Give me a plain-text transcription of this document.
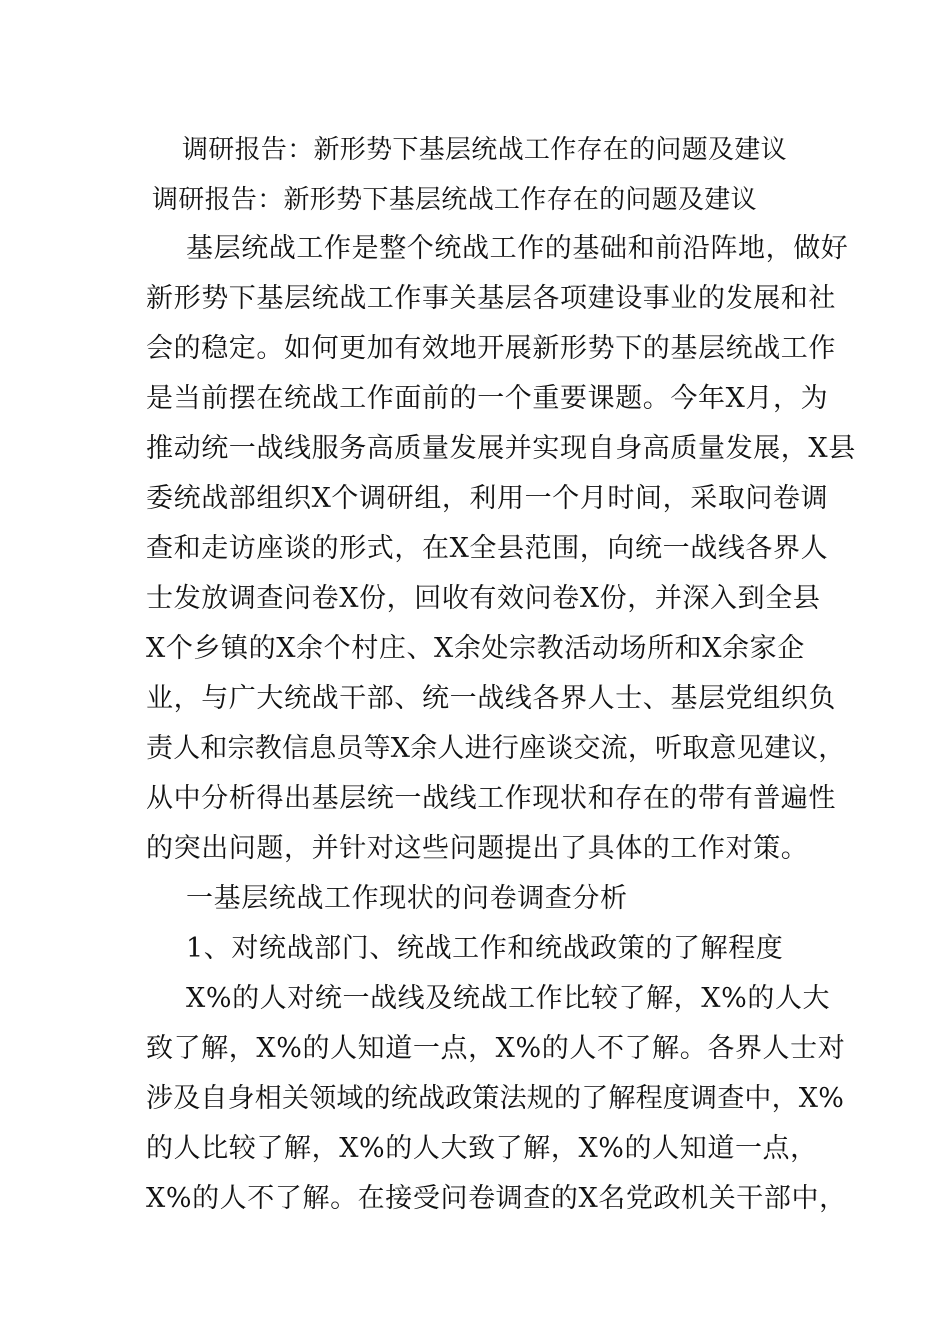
调研报告：新形势下基层统战工作存在的问题及建议
调研报告：新形势下基层统战工作存在的问题及建议
基层统战工作是整个统战工作的基础和前沿阵地，做好
新形势下基层统战工作事关基层各项建设事业的发展和社
会的稳定。如何更加有效地开展新形势下的基层统战工作
是当前摆在统战工作面前的一个重要课题。今年X月，为
推动统一战线服务高质量发展并实现自身高质量发展，X县
委统战部组织X个调研组，利用一个月时间，采取问卷调
查和走访座谈的形式，在X全县范围，向统一战线各界人
士发放调查问卷X份，回收有效问卷X份，并深入到全县
X个乡镇的X余个村庄、X余处宗教活动场所和X余家企
业，与广大统战干部、统一战线各界人士、基层党组织负
责人和宗教信息员等X余人进行座谈交流，听取意见建议，
从中分析得出基层统一战线工作现状和存在的带有普遍性
的突出问题，并针对这些问题提出了具体的工作对策。
一基层统战工作现状的问卷调查分析
1、对统战部门、统战工作和统战政策的了解程度
X%的人对统一战线及统战工作比较了解，X%的人大
致了解，X%的人知道一点，X%的人不了解。各界人士对
涉及自身相关领域的统战政策法规的了解程度调查中，X%
的人比较了解，X%的人大致了解，X%的人知道一点，
X%的人不了解。在接受问卷调查的X名党政机关干部中，
